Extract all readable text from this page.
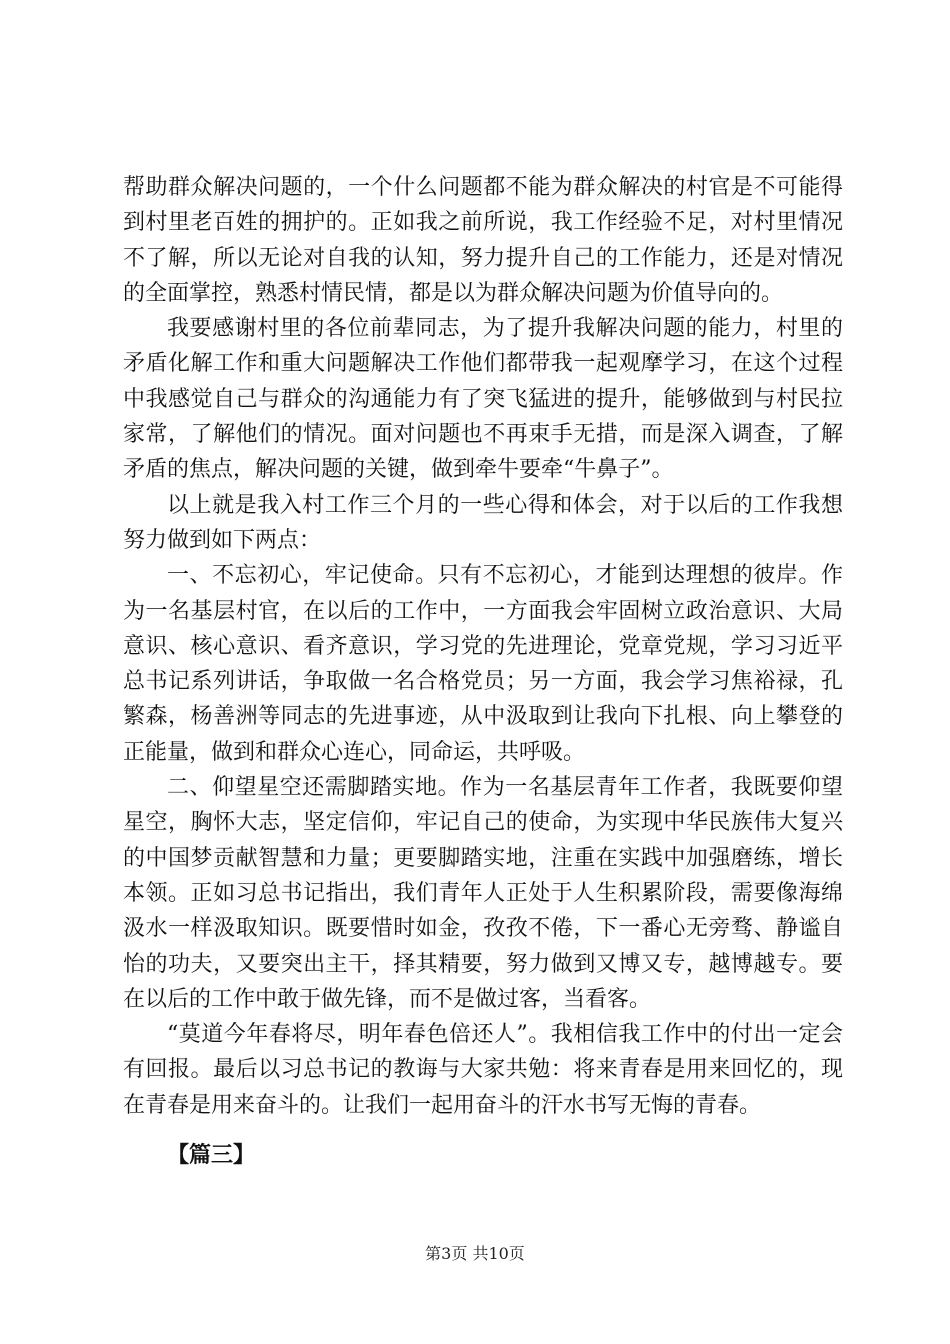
帮助群众解决问题的，一个什么问题都不能为群众解决的村官是不可能得到村里老百姓的拥护的。正如我之前所说，我工作经验不足，对村里情况不了解，所以无论对自我的认知，努力提升自己的工作能力，还是对情况的全面掌控，熟悉村情民情，都是以为群众解决问题为价值导向的。

我要感谢村里的各位前辈同志，为了提升我解决问题的能力，村里的矛盾化解工作和重大问题解决工作他们都带我一起观摩学习，在这个过程中我感觉自己与群众的沟通能力有了突飞猛进的提升，能够做到与村民拉家常，了解他们的情况。面对问题也不再束手无措，而是深入调查，了解矛盾的焦点，解决问题的关键，做到牵牛要牵“牛鼻子”。

以上就是我入村工作三个月的一些心得和体会，对于以后的工作我想努力做到如下两点：

一、不忘初心，牢记使命。只有不忘初心，才能到达理想的彼岸。作为一名基层村官，在以后的工作中，一方面我会牢固树立政治意识、大局意识、核心意识、看齐意识，学习党的先进理论，党章党规，学习习近平总书记系列讲话，争取做一名合格党员；另一方面，我会学习焦裕禄，孔繁森，杨善洲等同志的先进事迹，从中汲取到让我向下扎根、向上攀登的正能量，做到和群众心连心，同命运，共呼吸。

二、仰望星空还需脚踏实地。作为一名基层青年工作者，我既要仰望星空，胸怀大志，坚定信仰，牢记自己的使命，为实现中华民族伟大复兴的中国梦贡献智慧和力量；更要脚踏实地，注重在实践中加强磨练，增长本领。正如习总书记指出，我们青年人正处于人生积累阶段，需要像海绵汲水一样汲取知识。既要惜时如金，孜孜不倦，下一番心无旁骛、静谧自怡的功夫，又要突出主干，择其精要，努力做到又博又专，越博越专。要在以后的工作中敢于做先锋，而不是做过客，当看客。

“莫道今年春将尽，明年春色倍还人”。我相信我工作中的付出一定会有回报。最后以习总书记的教诲与大家共勉：将来青春是用来回忆的，现在青春是用来奋斗的。让我们一起用奋斗的汗水书写无悔的青春。

【篇三】
第3页 共10页
